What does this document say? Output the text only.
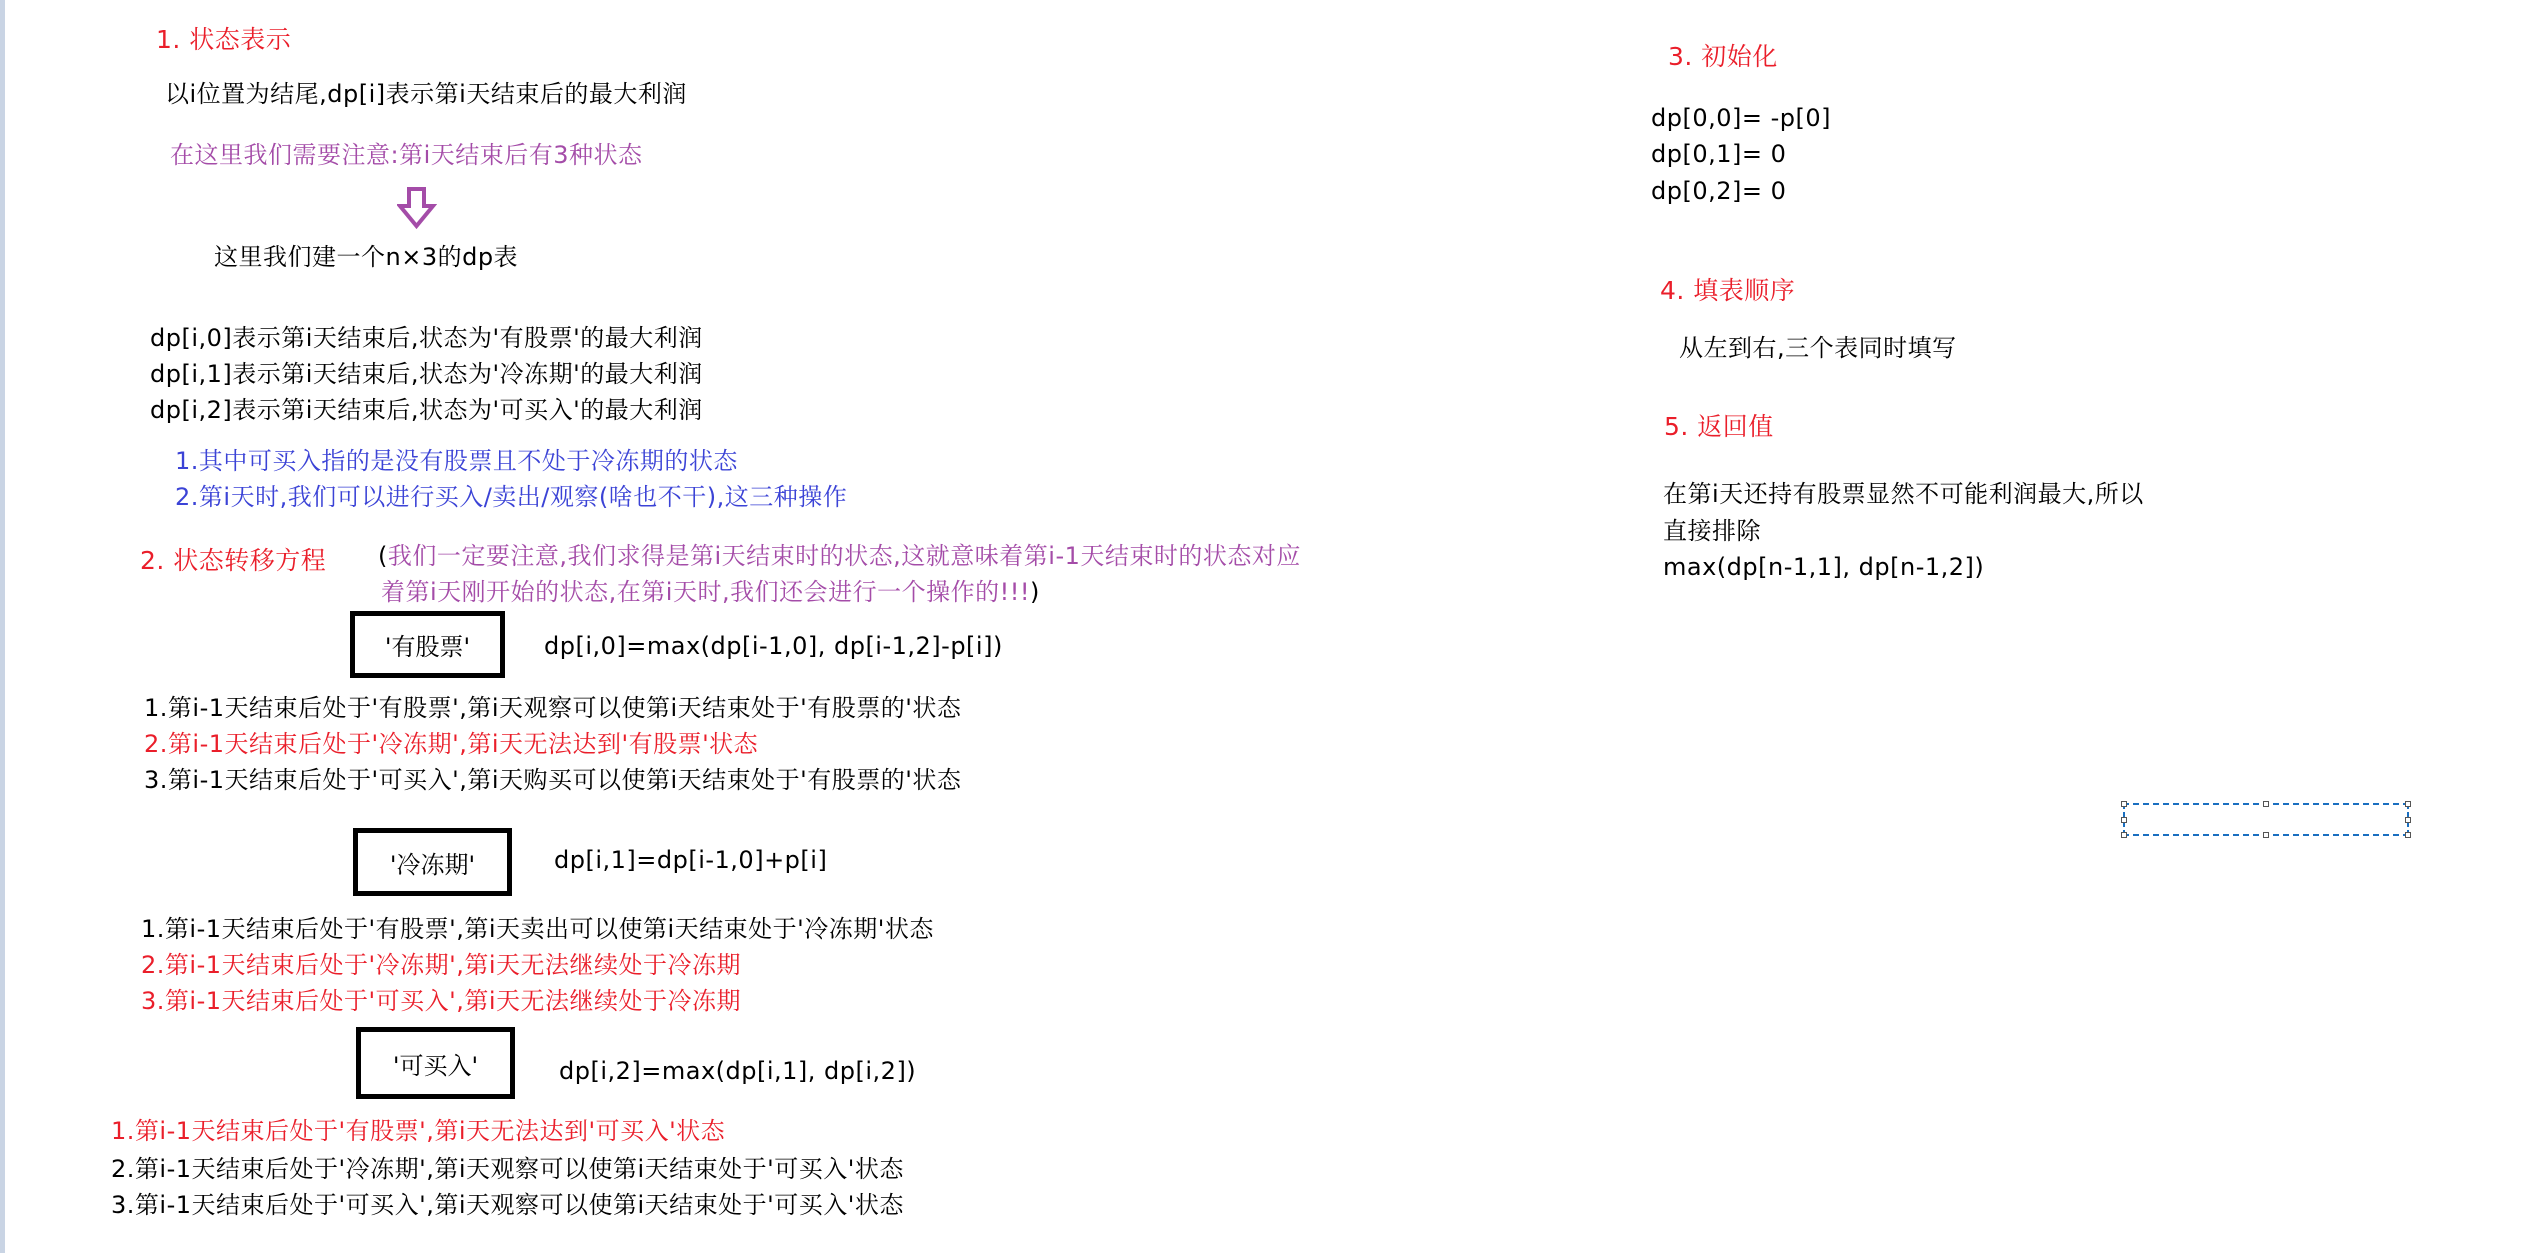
1. 状态表示
以i位置为结尾,dp[i]表示第i天结束后的最大利润
在这里我们需要注意:第i天结束后有3种状态
这里我们建一个n×3的dp表
dp[i,0]表示第i天结束后,状态为'有股票'的最大利润
dp[i,1]表示第i天结束后,状态为'冷冻期'的最大利润
dp[i,2]表示第i天结束后,状态为'可买入'的最大利润
1.其中可买入指的是没有股票且不处于冷冻期的状态
2.第i天时,我们可以进行买入/卖出/观察(啥也不干),这三种操作
2. 状态转移方程 (我们一定要注意,我们求得是第i天结束时的状态,这就意味着第i-1天结束时的状态对应
着第i天刚开始的状态,在第i天时,我们还会进行一个操作的!!!)
'有股票'	dp[i,0]=max(dp[i-1,0], dp[i-1,2]-p[i])
1.第i-1天结束后处于'有股票',第i天观察可以使第i天结束处于'有股票的'状态
2.第i-1天结束后处于'冷冻期',第i天无法达到'有股票'状态
3.第i-1天结束后处于'可买入',第i天购买可以使第i天结束处于'有股票的'状态
'冷冻期'	dp[i,1]=dp[i-1,0]+p[i]
1.第i-1天结束后处于'有股票',第i天卖出可以使第i天结束处于'冷冻期'状态
2.第i-1天结束后处于'冷冻期',第i天无法继续处于冷冻期
3.第i-1天结束后处于'可买入',第i天无法继续处于冷冻期
'可买入'	dp[i,2]=max(dp[i,1], dp[i,2])
1.第i-1天结束后处于'有股票',第i天无法达到'可买入'状态
2.第i-1天结束后处于'冷冻期',第i天观察可以使第i天结束处于'可买入'状态
3.第i-1天结束后处于'可买入',第i天观察可以使第i天结束处于'可买入'状态
3. 初始化
dp[0,0]= -p[0]
dp[0,1]= 0
dp[0,2]= 0
4. 填表顺序
从左到右,三个表同时填写
5. 返回值
在第i天还持有股票显然不可能利润最大,所以
直接排除
max(dp[n-1,1], dp[n-1,2])
